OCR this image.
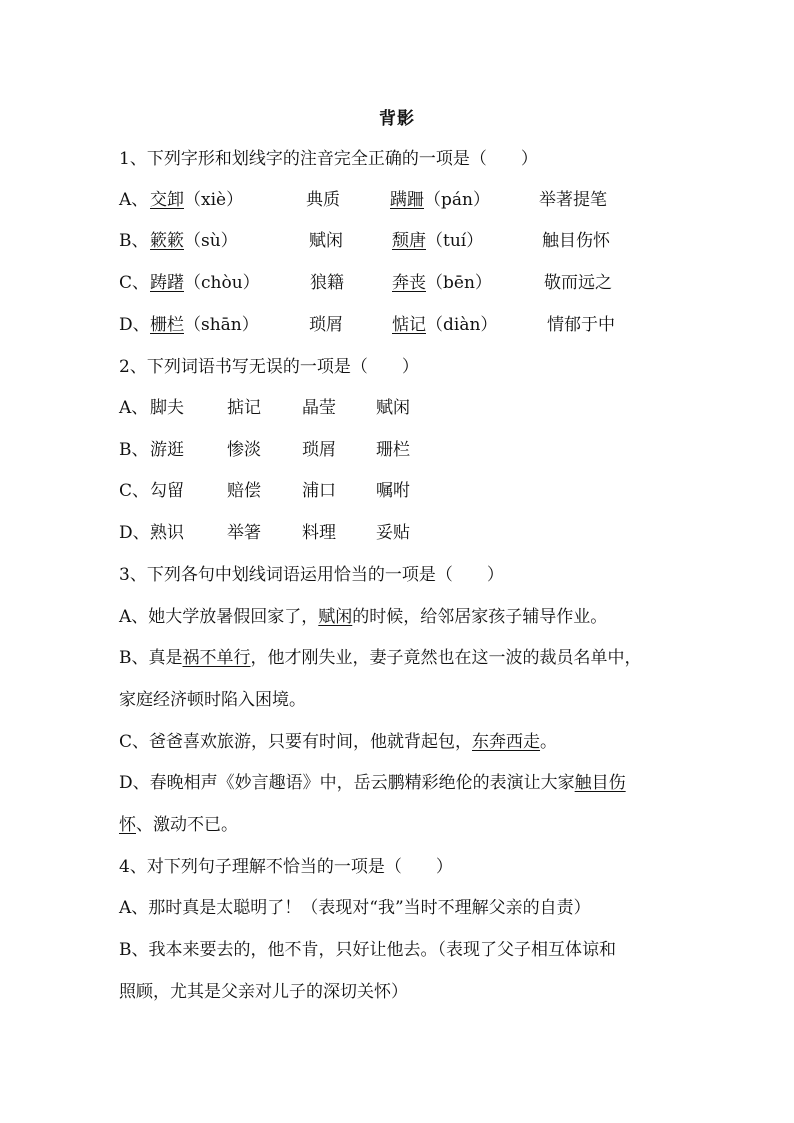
背影
1、下列字形和划线字的注音完全正确的一项是（　　）
A、 交卸（xiè）	典质	蹒跚（pán）	举著提笔
B、 簌簌（sù）	赋闲	颓唐（tuí）	触目伤怀
C、 踌躇（chòu）	狼籍	奔丧（bēn）	敬而远之
D、 栅栏（shān）	琐屑	惦记（diàn）	情郁于中
2、下列词语书写无误的一项是（　　）
A、 脚夫	掂记 晶莹 赋闲
B、 游逛	惨淡 琐屑 珊栏
C、 勾留	赔偿 浦口 嘱咐
D、 熟识	举箸 料理 妥贴
3、下列各句中划线词语运用恰当的一项是（　　）
A、她大学放暑假回家了，赋闲的时候，给邻居家孩子辅导作业。
B、真是祸不单行，他才刚失业，妻子竟然也在这一波的裁员名单中，
家庭经济顿时陷入困境。
C、爸爸喜欢旅游，只要有时间，他就背起包，东奔西走。
D、春晚相声《妙言趣语》中，岳云鹏精彩绝伦的表演让大家触目伤
怀、激动不已。
4、对下列句子理解不恰当的一项是（　　）
A、那时真是太聪明了！（表现对“我”当时不理解父亲的自责）
B、我本来要去的，他不肯，只好让他去。（表现了父子相互体谅和
照顾，尤其是父亲对儿子的深切关怀）
